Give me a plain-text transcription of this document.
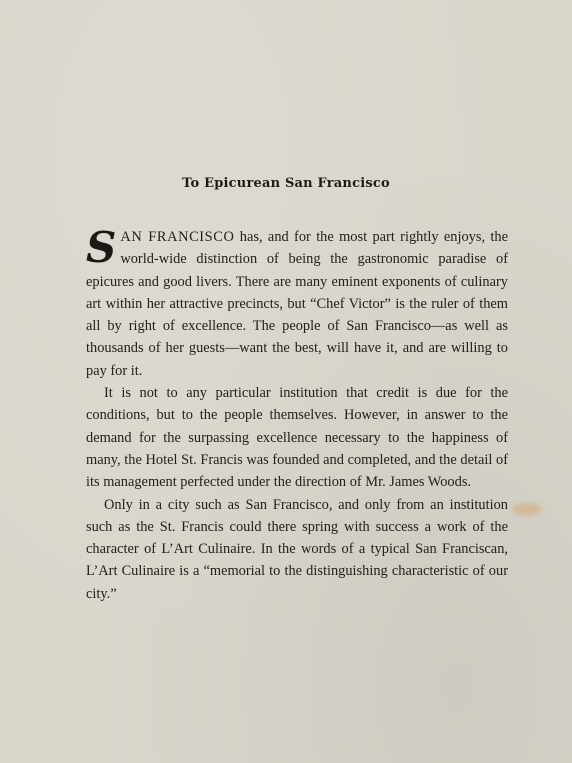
To Epicurean San Francisco

SAN FRANCISCO has, and for the most part rightly enjoys, the world-wide distinction of being the gastronomic paradise of epicures and good livers. There are many eminent exponents of culinary art within her attractive precincts, but “Chef Victor” is the ruler of them all by right of excellence. The people of San Francisco—as well as thousands of her guests—want the best, will have it, and are willing to pay for it.

It is not to any particular institution that credit is due for the conditions, but to the people themselves. However, in answer to the demand for the surpassing excellence necessary to the happiness of many, the Hotel St. Francis was founded and completed, and the detail of its management perfected under the direction of Mr. James Woods.

Only in a city such as San Francisco, and only from an institution such as the St. Francis could there spring with success a work of the character of L’Art Culinaire. In the words of a typical San Franciscan, L’Art Culinaire is a “memorial to the distinguishing characteristic of our city.”
